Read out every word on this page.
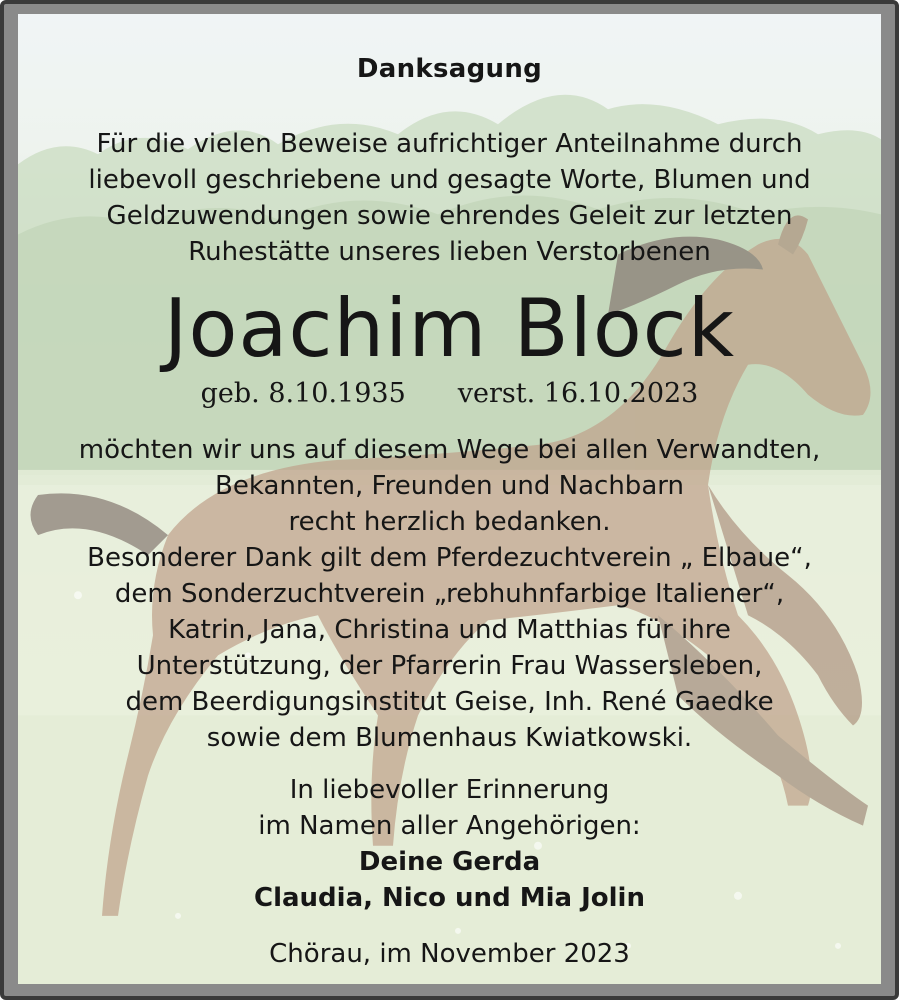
Danksagung
Für die vielen Beweise aufrichtiger Anteilnahme durch
liebevoll geschriebene und gesagte Worte, Blumen und
Geldzuwendungen sowie ehrendes Geleit zur letzten
Ruhestätte unseres lieben Verstorbenen
Joachim Block
geb. 8.10.1935 verst. 16.10.2023
möchten wir uns auf diesem Wege bei allen Verwandten,
Bekannten, Freunden und Nachbarn
recht herzlich bedanken.
Besonderer Dank gilt dem Pferdezuchtverein „ Elbaue“,
dem Sonderzuchtverein „rebhuhnfarbige Italiener“,
Katrin, Jana, Christina und Matthias für ihre
Unterstützung, der Pfarrerin Frau Wassersleben,
dem Beerdigungsinstitut Geise, Inh. René Gaedke
sowie dem Blumenhaus Kwiatkowski.
In liebevoller Erinnerung
im Namen aller Angehörigen:
Deine Gerda
Claudia, Nico und Mia Jolin
Chörau, im November 2023
